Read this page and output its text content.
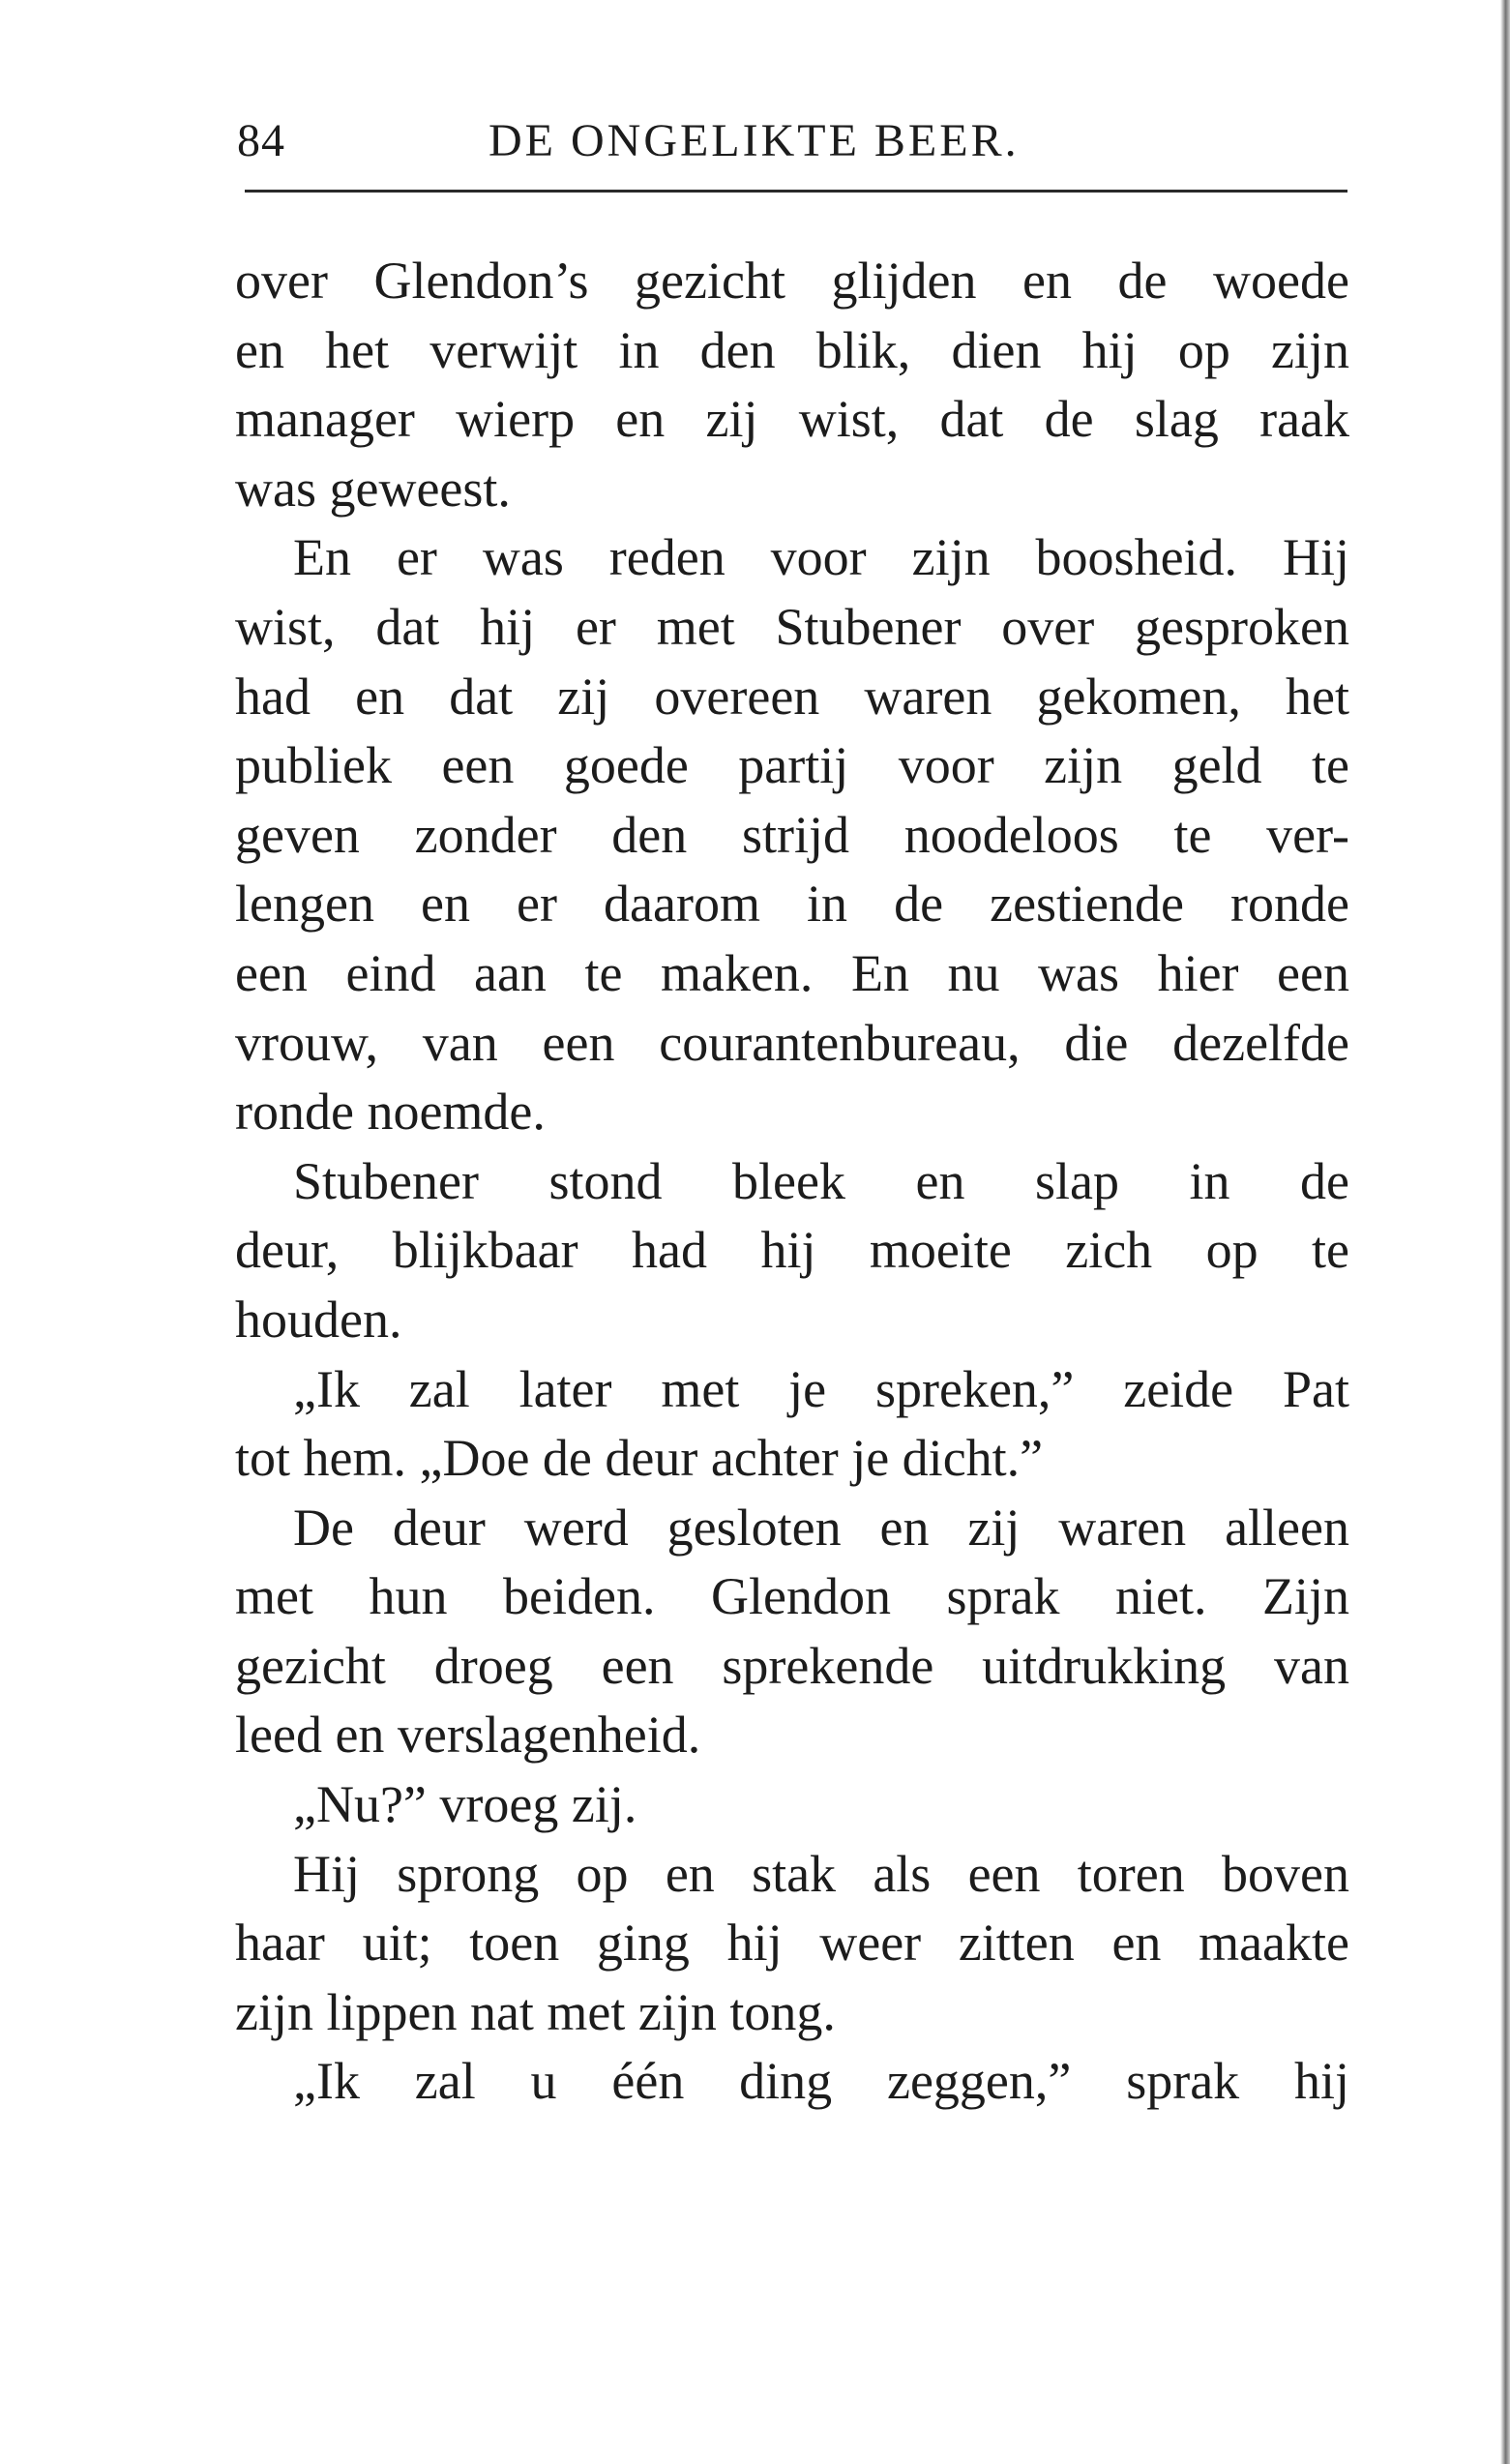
84	DE ONGELIKTE BEER.
over Glendon’s gezicht glijden en de woede
en het verwijt in den blik, dien hij op zijn
manager wierp en zij wist, dat de slag raak
was geweest.
En er was reden voor zijn boosheid. Hij
wist, dat hij er met Stubener over gesproken
had en dat zij overeen waren gekomen, het
publiek een goede partij voor zijn geld te
geven zonder den strijd noodeloos te ver-
lengen en er daarom in de zestiende ronde
een eind aan te maken. En nu was hier een
vrouw, van een courantenbureau, die dezelfde
ronde noemde.
Stubener stond bleek en slap in de
deur, blijkbaar had hij moeite zich op te
houden.
„Ik zal later met je spreken,” zeide Pat
tot hem. „Doe de deur achter je dicht.”
De deur werd gesloten en zij waren alleen
met hun beiden. Glendon sprak niet. Zijn
gezicht droeg een sprekende uitdrukking van
leed en verslagenheid.
„Nu?” vroeg zij.
Hij sprong op en stak als een toren boven
haar uit; toen ging hij weer zitten en maakte
zijn lippen nat met zijn tong.
„Ik zal u één ding zeggen,” sprak hij
